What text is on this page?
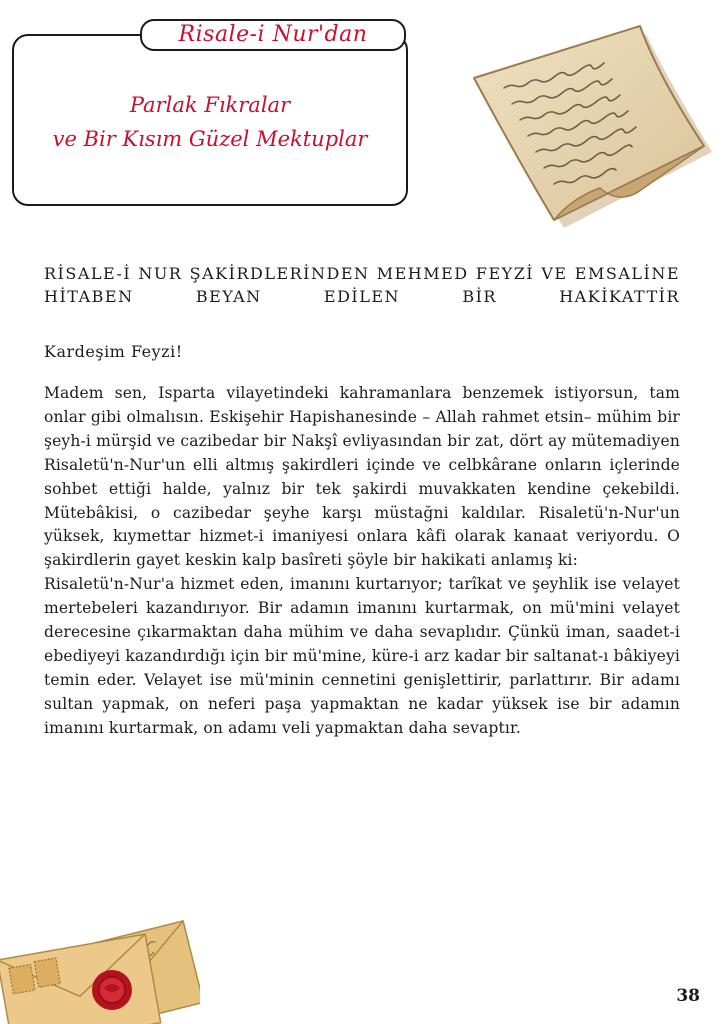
Risale-i Nur'dan
Parlak Fıkralar
ve Bir Kısım Güzel Mektuplar
RİSALE-İ NUR ŞAKİRDLERİNDEN MEHMED FEYZİ VE EMSALİNE HİTABEN BEYAN EDİLEN BİR HAKİKATTİR
Kardeşim Feyzi!

Madem sen, Isparta vilayetindeki kahramanlara benzemek istiyorsun, tam onlar gibi olmalısın. Eskişehir Hapishanesinde – Allah rahmet etsin– mühim bir şeyh-i mürşid ve cazibedar bir Nakşî evliyasından bir zat, dört ay mütemadiyen Risaletü'n-Nur'un elli altmış şakirdleri içinde ve celbkârane onların içlerinde sohbet ettiği halde, yalnız bir tek şakirdi muvakkaten kendine çekebildi. Mütebâkisi, o cazibedar şeyhe karşı müstağni kaldılar. Risaletü'n-Nur'un yüksek, kıymettar hizmet-i imaniyesi onlara kâfi olarak kanaat veriyordu. O şakirdlerin gayet keskin kalp basîreti şöyle bir hakikati anlamış ki:

Risaletü'n-Nur'a hizmet eden, imanını kurtarıyor; tarîkat ve şeyhlik ise velayet mertebeleri kazandırıyor. Bir adamın imanını kurtarmak, on mü'mini velayet derecesine çıkarmaktan daha mühim ve daha sevaplıdır. Çünkü iman, saadet-i ebediyeyi kazandırdığı için bir mü'mine, küre-i arz kadar bir saltanat-ı bâkiyeyi temin eder. Velayet ise mü'minin cennetini genişlettirir, parlattırır. Bir adamı sultan yapmak, on neferi paşa yapmaktan ne kadar yüksek ise bir adamın imanını kurtarmak, on adamı veli yapmaktan daha sevaptır.

38
